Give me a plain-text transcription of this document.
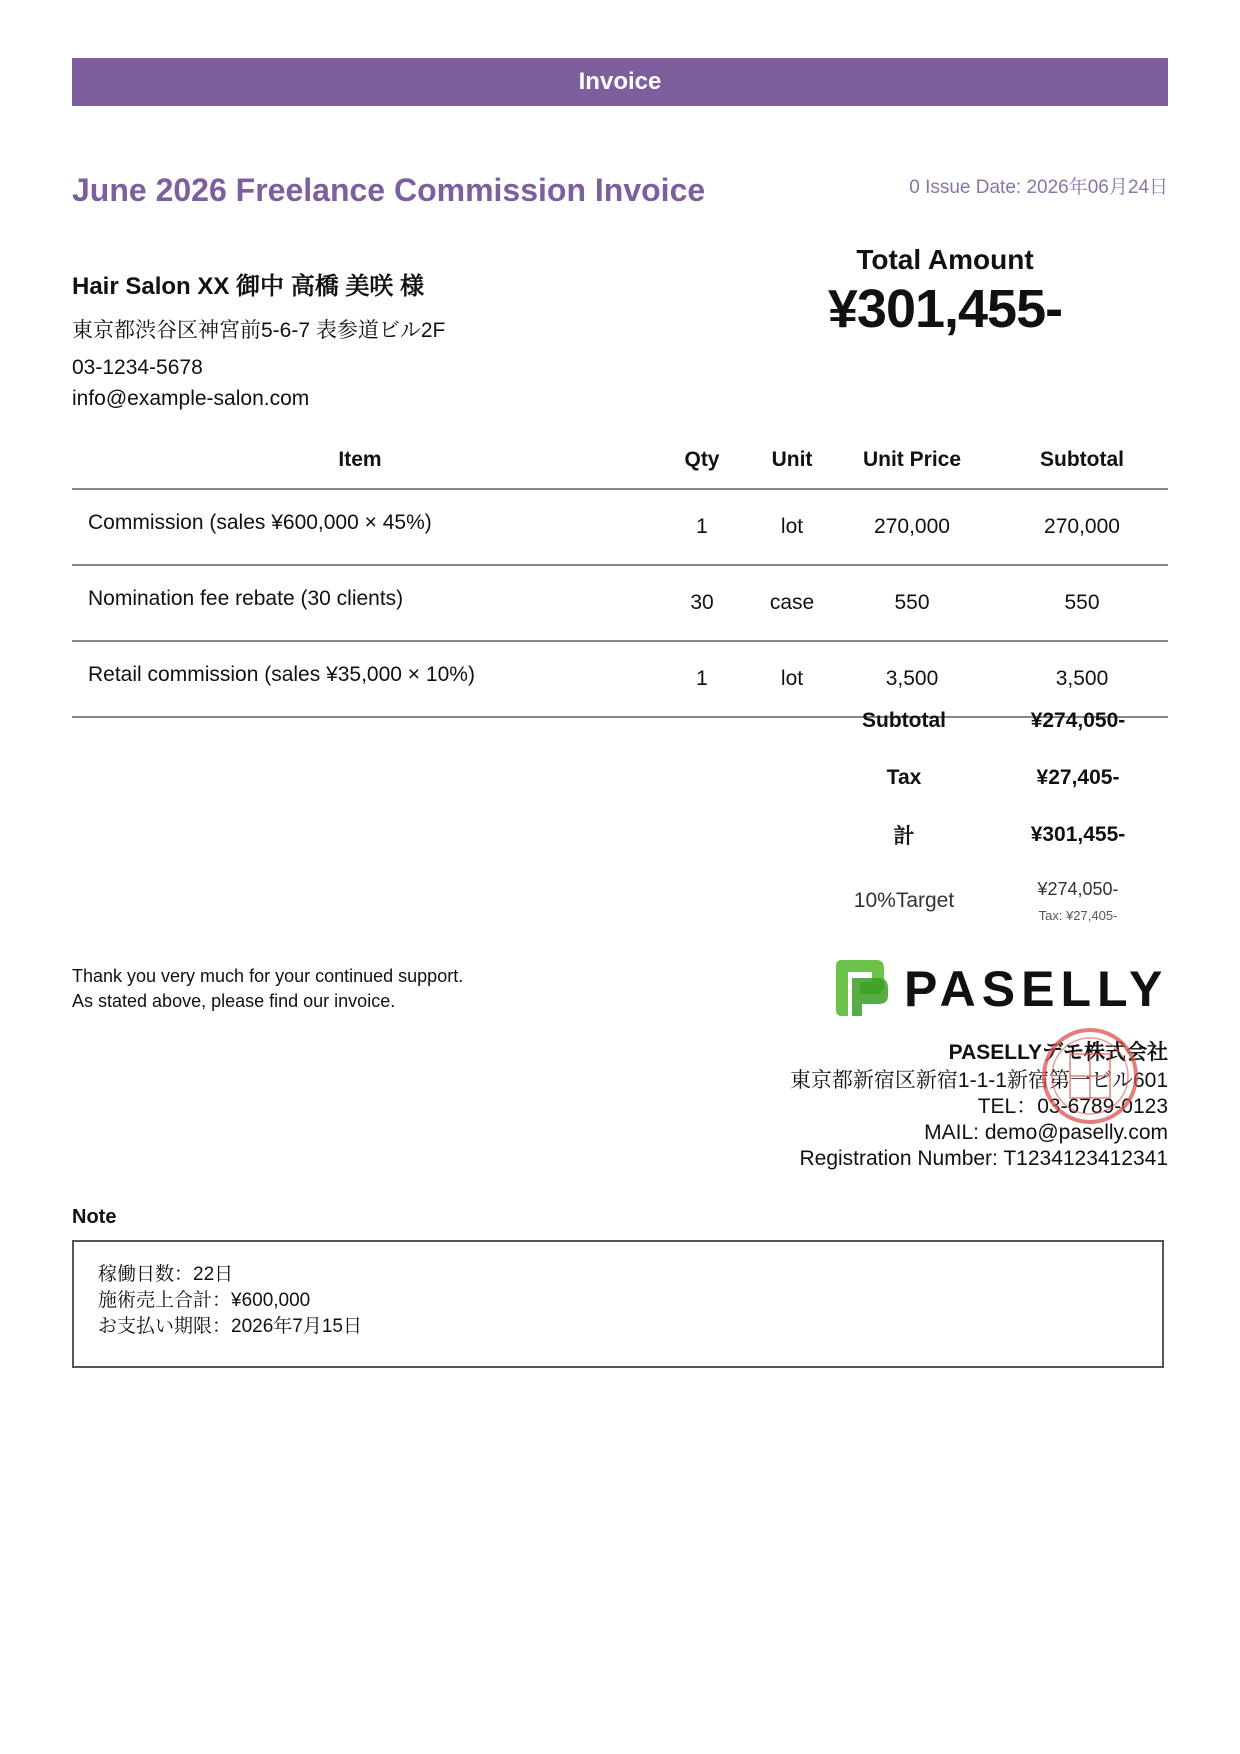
Invoice
June 2026 Freelance Commission Invoice	0 Issue Date: 2026年06月24日
Hair Salon XX 御中 高橋 美咲 様
東京都渋谷区神宮前5-6-7 表参道ビル2F
03-1234-5678
info@example-salon.com
Total Amount
¥301,455-
Item	Qty	Unit	Unit Price	Subtotal
Commission (sales ¥600,000 × 45%)	1	lot	270,000	270,000
Nomination fee rebate (30 clients)	30	case	550	550
Retail commission (sales ¥35,000 × 10%)	1	lot	3,500	3,500
Subtotal	¥274,050-
Tax	¥27,405-
計	¥301,455-
10%Target	¥274,050-
Tax: ¥27,405-
Thank you very much for your continued support.
As stated above, please find our invoice.	PASELLY
PASELLYデモ株式会社
東京都新宿区新宿1-1-1新宿第一ビル601
TEL：03-6789-0123
MAIL: demo@paselly.com
Registration Number: T1234123412341
Note
稼働日数：22日
施術売上合計：¥600,000
お支払い期限：2026年7月15日
